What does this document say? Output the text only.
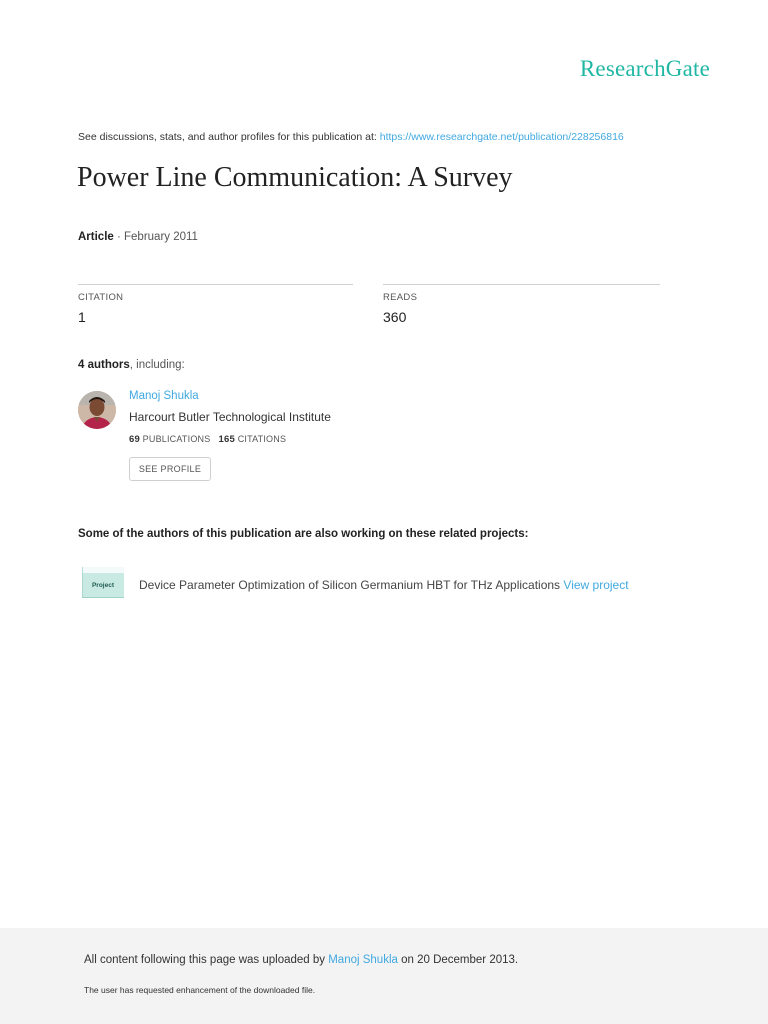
ResearchGate
See discussions, stats, and author profiles for this publication at: https://www.researchgate.net/publication/228256816
Power Line Communication: A Survey
Article · February 2011
CITATION
1
READS
360
4 authors, including:
Manoj Shukla
Harcourt Butler Technological Institute
69 PUBLICATIONS 165 CITATIONS
SEE PROFILE
Some of the authors of this publication are also working on these related projects:
Project Device Parameter Optimization of Silicon Germanium HBT for THz Applications View project
All content following this page was uploaded by Manoj Shukla on 20 December 2013.
The user has requested enhancement of the downloaded file.
